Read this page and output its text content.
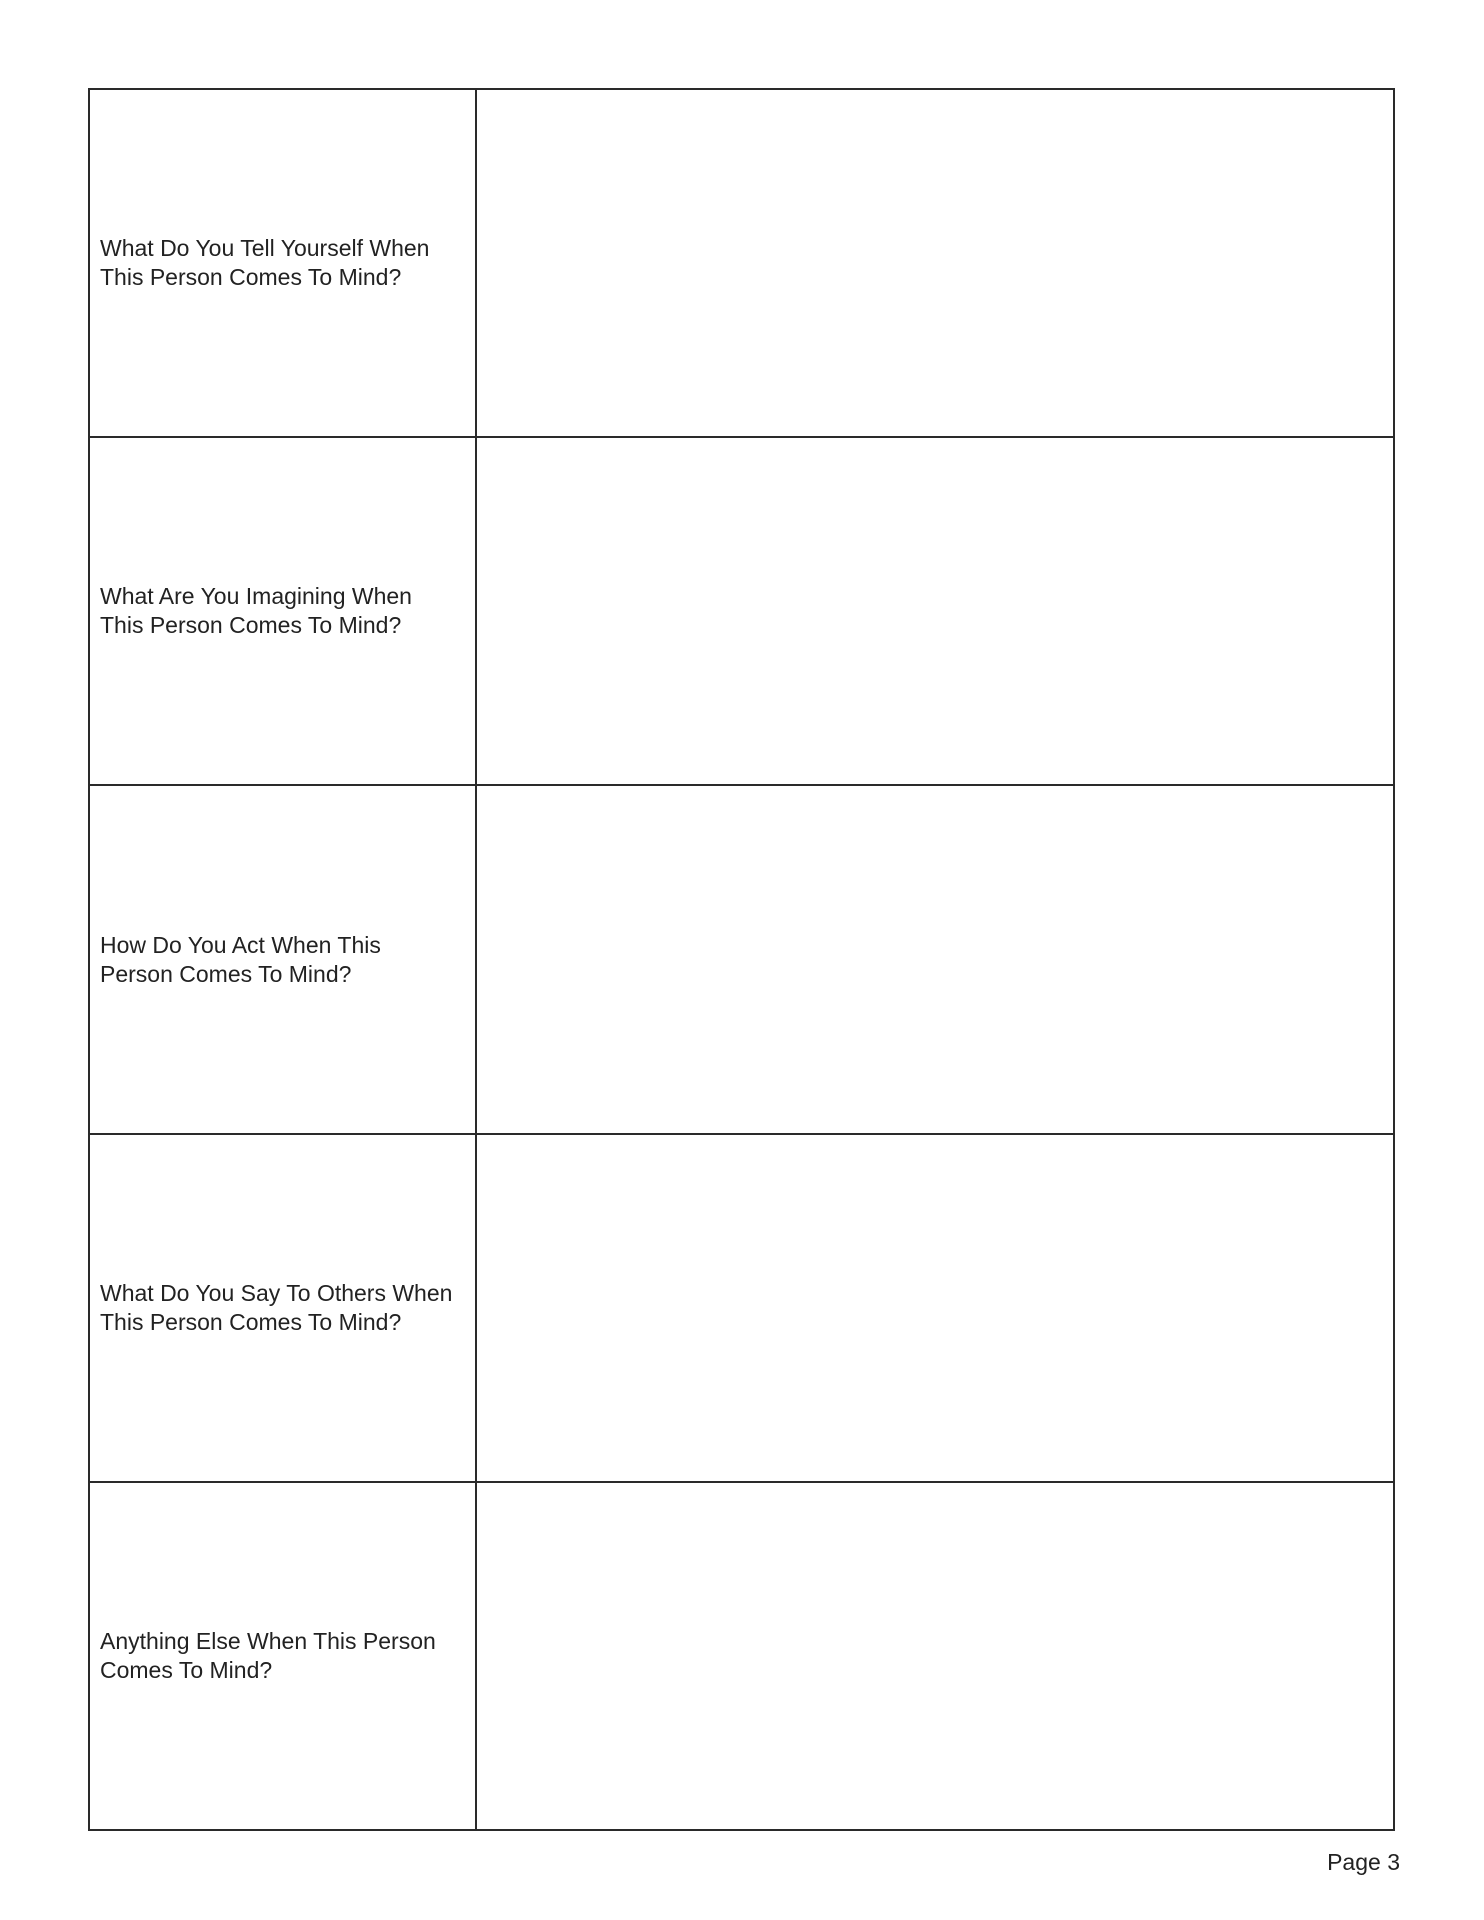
What Do You Tell Yourself When This Person Comes To Mind?
What Are You Imagining When This Person Comes To Mind?
How Do You Act When This Person Comes To Mind?
What Do You Say To Others When This Person Comes To Mind?
Anything Else When This Person Comes To Mind?
Page 3
